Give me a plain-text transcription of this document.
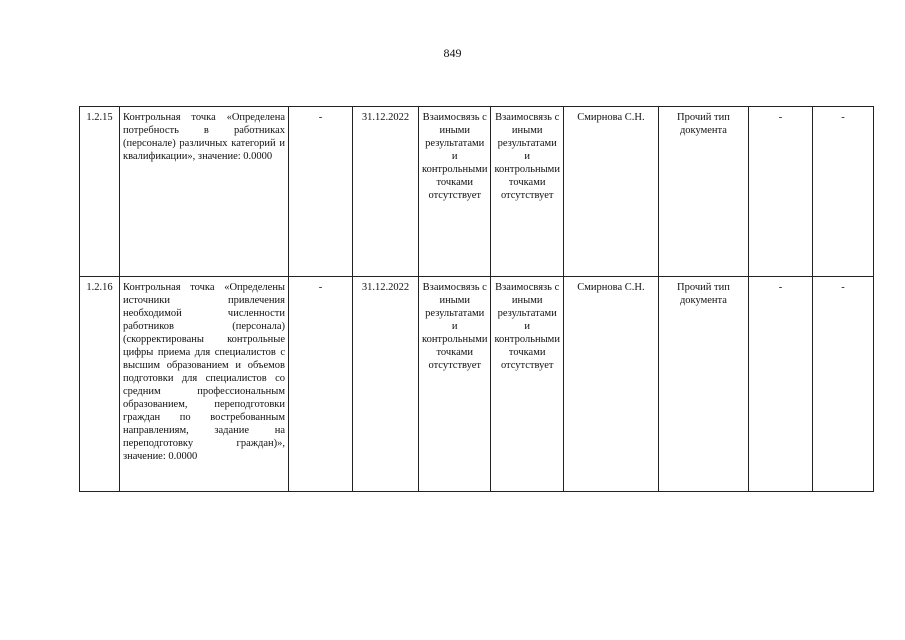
849
1.2.15	Контрольная точка «Определена потребность в работниках (персонале) различных категорий и квалификации», значение: 0.0000	-	31.12.2022	Взаимосвязь с иными результатами и контрольными точками отсутствует	Взаимосвязь с иными результатами и контрольными точками отсутствует	Смирнова С.Н.	Прочий тип документа	-	-
1.2.16	Контрольная точка «Определены источники привлечения необходимой численности работников (персонала) (скорректированы контрольные цифры приема для специалистов с высшим образованием и объемов подготовки для специалистов со средним профессиональным образованием, переподготовки граждан по востребованным направлениям, задание на переподготовку граждан)», значение: 0.0000	-	31.12.2022	Взаимосвязь с иными результатами и контрольными точками отсутствует	Взаимосвязь с иными результатами и контрольными точками отсутствует	Смирнова С.Н.	Прочий тип документа	-	-
